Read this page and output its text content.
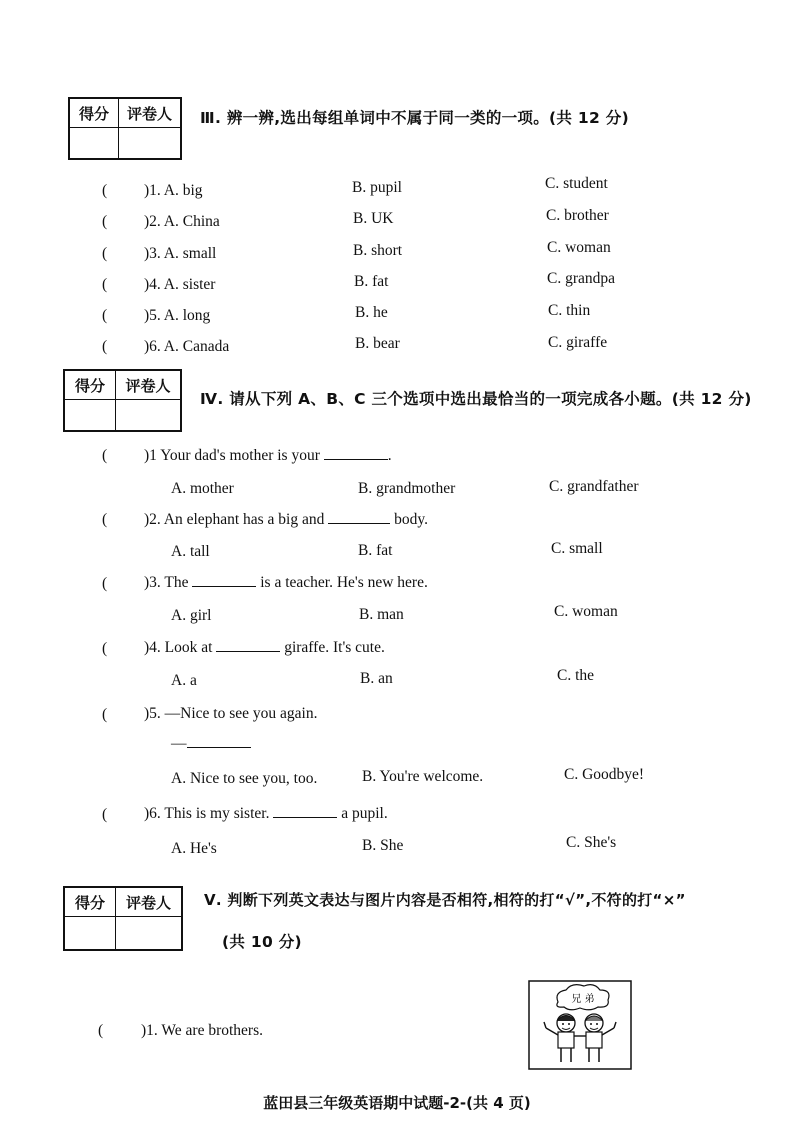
得分	评卷人
	Ⅲ. 辨一辨,选出每组单词中不属于同一类的一项。(共 12 分)
( )1. A. big	B. pupil	C. student
( )2. A. China	B. UK	C. brother
( )3. A. small	B. short	C. woman
( )4. A. sister	B. fat	C. grandpa
( )5. A. long	B. he	C. thin
( )6. A. Canada	B. bear	C. giraffe
得分	评卷人

Ⅳ. 请从下列 A、B、C 三个选项中选出最恰当的一项完成各小题。(共 12 分)
( )1 Your dad's mother is your	.
A. mother	B. grandmother	C. grandfather
( )2. An elephant has a big and	body.
A. tall	B. fat	C. small
( )3. The	is a teacher. He's new here.
A. girl	B. man	C. woman
( )4. Look at	giraffe. It's cute.
A. a	B. an	C. the
( )5. —Nice to see you again.
—
A. Nice to see you, too.	B. You're welcome.	C. Goodbye!
( )6. This is my sister.	a pupil.
A. He's	B. She	C. She's
得分	评卷人
	Ⅴ. 判断下列英文表达与图片内容是否相符,相符的打“√”,不符的打“×”
(共 10 分)
( )1. We are brothers.
兄 弟
蓝田县三年级英语期中试题-2-(共 4 页)
